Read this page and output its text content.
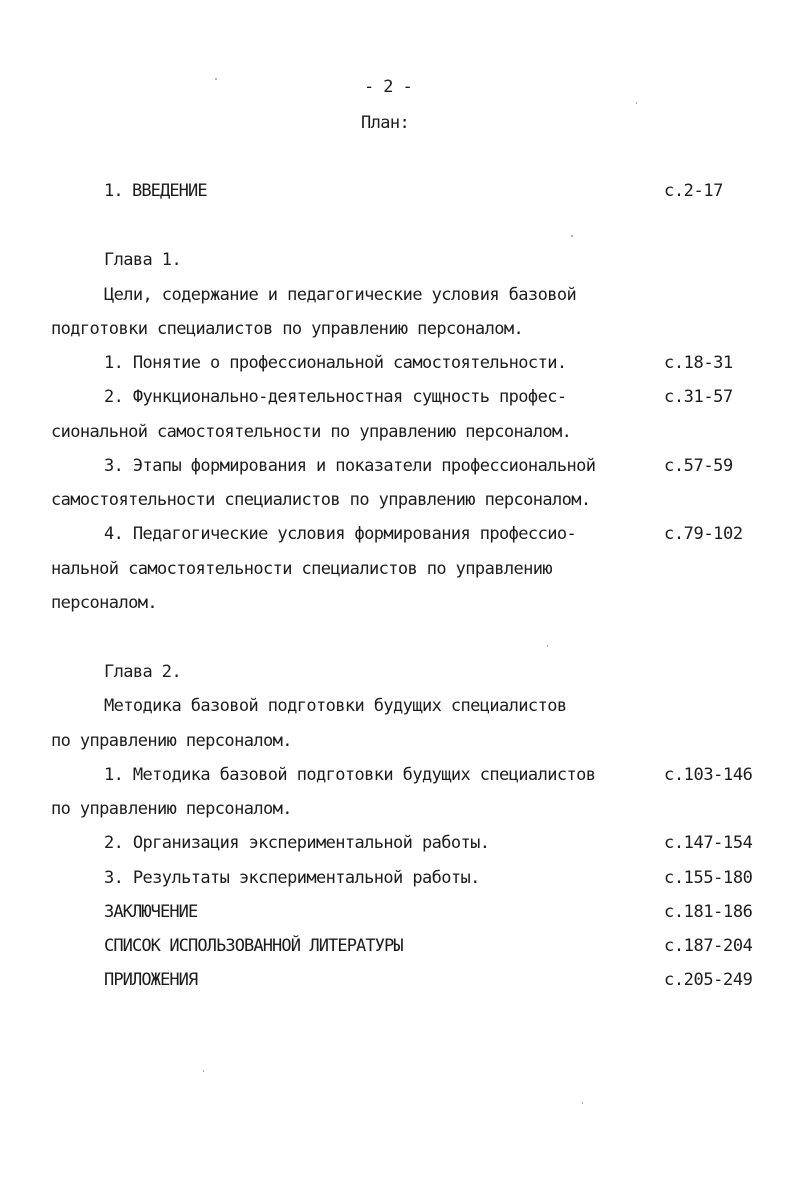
- 2 -
План:
1. ВВЕДЕНИЕ	с.2-17
Глава 1.
Цели, содержание и педагогические условия базовой
подготовки специалистов по управлению персоналом.
1. Понятие о профессиональной самостоятельности.	с.18-31
2. Функционально-деятельностная сущность профес-	с.31-57
сиональной самостоятельности по управлению персоналом.
3. Этапы формирования и показатели профессиональной	с.57-59
самостоятельности специалистов по управлению персоналом.
4. Педагогические условия формирования профессио-	с.79-102
нальной самостоятельности специалистов по управлению
персоналом.
Глава 2.
Методика базовой подготовки будущих специалистов
по управлению персоналом.
1. Методика базовой подготовки будущих специалистов	с.103-146
по управлению персоналом.
2. Организация экспериментальной работы.	с.147-154
3. Результаты экспериментальной работы.	с.155-180
ЗАКЛЮЧЕНИЕ	с.181-186
СПИСОК ИСПОЛЬЗОВАННОЙ ЛИТЕРАТУРЫ	с.187-204
ПРИЛОЖЕНИЯ	с.205-249
